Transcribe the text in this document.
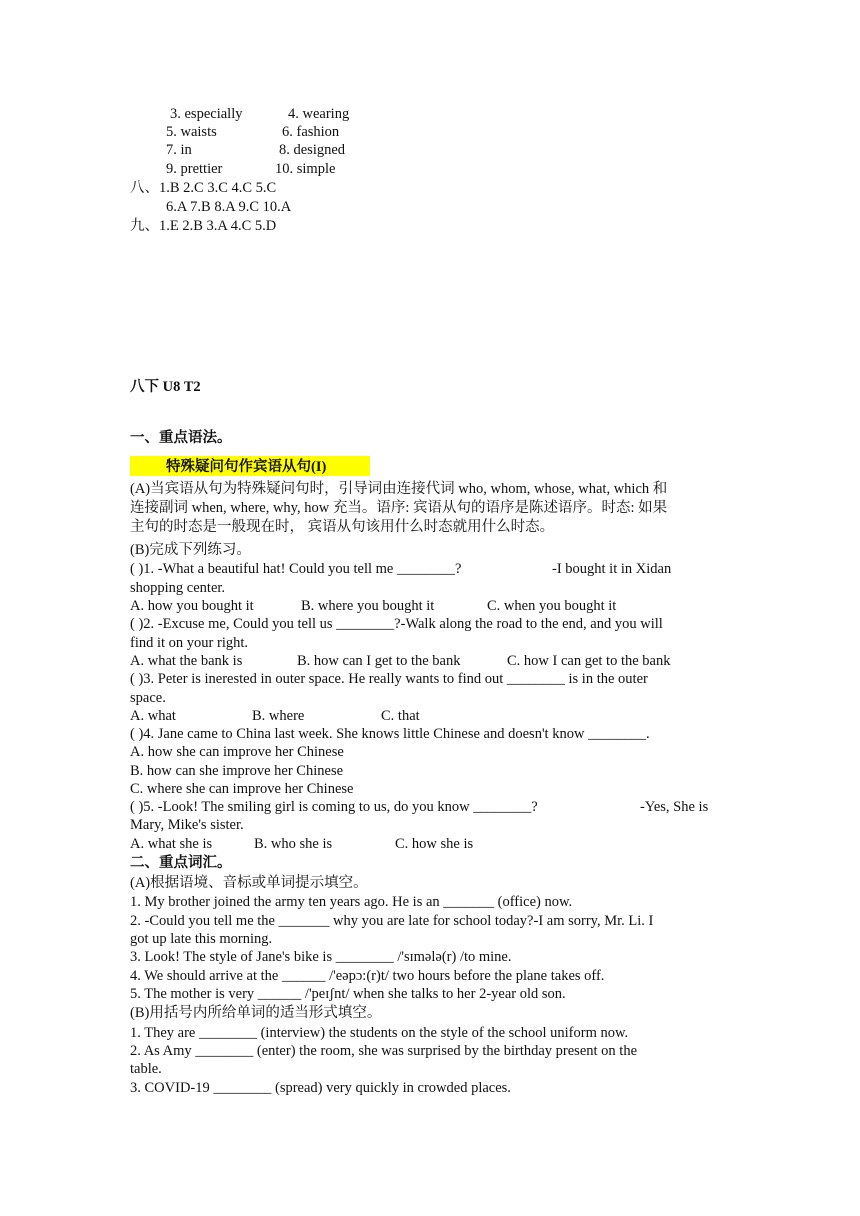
3. especially	4. wearing
5. waists	6. fashion
7. in	8. designed
9. prettier	10. simple
八、1.B 2.C 3.C 4.C 5.C
6.A 7.B 8.A 9.C 10.A
九、1.E 2.B 3.A 4.C 5.D
八下 U8 T2
一、重点语法。
特殊疑问句作宾语从句(I)
(A)当宾语从句为特殊疑问句时，引导词由连接代词 who, whom, whose, what, which 和
连接副词 when, where, why, how 充当。语序: 宾语从句的语序是陈述语序。时态: 如果
主句的时态是一般现在时， 宾语从句该用什么时态就用什么时态。
(B)完成下列练习。
( )1. -What a beautiful hat! Could you tell me ________?	-I bought it in Xidan
shopping center.
A. how you bought it	B. where you bought it	C. when you bought it
( )2. -Excuse me, Could you tell us ________?-Walk along the road to the end, and you will
find it on your right.
A. what the bank is	B. how can I get to the bank	C. how I can get to the bank
( )3. Peter is inerested in outer space. He really wants to find out ________ is in the outer
space.
A. what	B. where	C. that
( )4. Jane came to China last week. She knows little Chinese and doesn't know ________.
A. how she can improve her Chinese
B. how can she improve her Chinese
C. where she can improve her Chinese
( )5. -Look! The smiling girl is coming to us, do you know ________?	-Yes, She is
Mary, Mike's sister.
A. what she is	B. who she is	C. how she is
二、重点词汇。
(A)根据语境、音标或单词提示填空。
1. My brother joined the army ten years ago. He is an _______ (office) now.
2. -Could you tell me the _______ why you are late for school today?-I am sorry, Mr. Li. I
got up late this morning.
3. Look! The style of Jane's bike is ________ /'sɪmələ(r) /to mine.
4. We should arrive at the ______ /'eəpɔ:(r)t/ two hours before the plane takes off.
5. The mother is very ______ /'peɪʃnt/ when she talks to her 2-year old son.
(B)用括号内所给单词的适当形式填空。
1. They are ________ (interview) the students on the style of the school uniform now.
2. As Amy ________ (enter) the room, she was surprised by the birthday present on the
table.
3. COVID-19 ________ (spread) very quickly in crowded places.
